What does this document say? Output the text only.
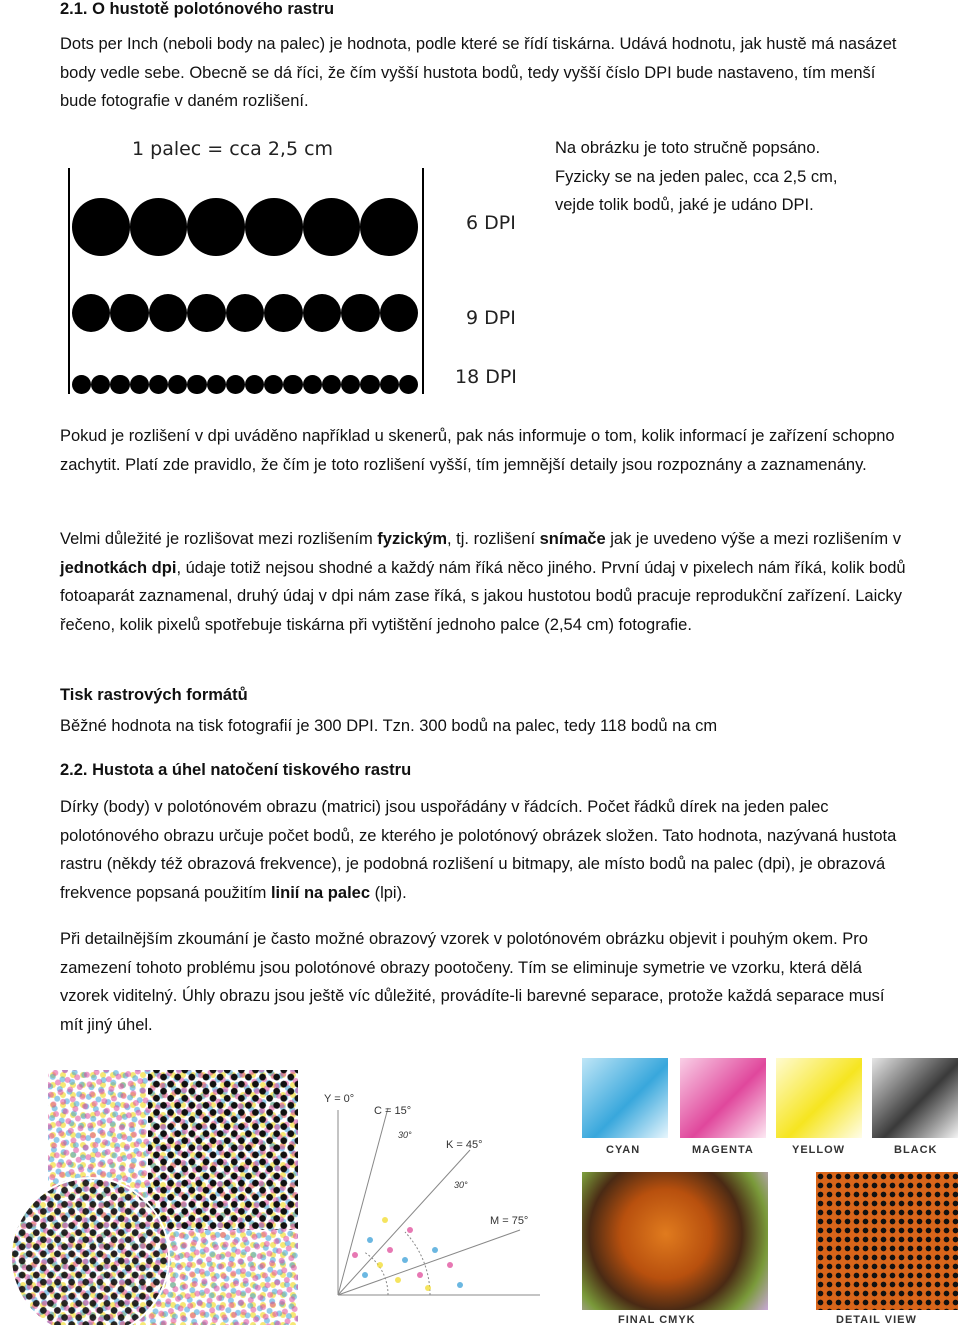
2.1. O hustotě polotónového rastru
Dots per Inch (neboli body na palec) je hodnota, podle které se řídí tiskárna. Udává hodnotu, jak hustě má nasázet body vedle sebe. Obecně se dá říci, že čím vyšší hustota bodů, tedy vyšší číslo DPI bude nastaveno, tím menší bude fotografie v daném rozlišení.
1 palec = cca 2,5 cm
6 DPI
9 DPI
18 DPI
Na obrázku je toto stručně popsáno. Fyzicky se na jeden palec, cca 2,5 cm, vejde tolik bodů, jaké je udáno DPI.
Pokud je rozlišení v dpi uváděno například u skenerů, pak nás informuje o tom, kolik informací je zařízení schopno zachytit. Platí zde pravidlo, že čím je toto rozlišení vyšší, tím jemnější detaily jsou rozpoznány a zaznamenány.
Velmi důležité je rozlišovat mezi rozlišením fyzickým, tj. rozlišení snímače jak je uvedeno výše a mezi rozlišením v jednotkách dpi, údaje totiž nejsou shodné a každý nám říká něco jiného. První údaj v pixelech nám říká, kolik bodů fotoaparát zaznamenal, druhý údaj v dpi nám zase říká, s jakou hustotou bodů pracuje reprodukční zařízení. Laicky řečeno, kolik pixelů spotřebuje tiskárna při vytištění jednoho palce (2,54 cm) fotografie.
Tisk rastrových formátů
Běžné hodnota na tisk fotografií je 300 DPI. Tzn. 300 bodů na palec, tedy 118 bodů na cm
2.2. Hustota a úhel natočení tiskového rastru
Dírky (body) v polotónovém obrazu (matrici) jsou uspořádány v řádcích. Počet řádků dírek na jeden palec polotónového obrazu určuje počet bodů, ze kterého je polotónový obrázek složen. Tato hodnota, nazývaná hustota rastru (někdy též obrazová frekvence), je podobná rozlišení u bitmapy, ale místo bodů na palec (dpi), je obrazová frekvence popsaná použitím linií na palec (lpi).
Při detailnějším zkoumání je často možné obrazový vzorek v polotónovém obrázku objevit i pouhým okem. Pro zamezení tohoto problému jsou polotónové obrazy pootočeny. Tím se eliminuje symetrie ve vzorku, která dělá vzorek viditelný. Úhly obrazu jsou ještě víc důležité, provádíte-li barevné separace, protože každá separace musí mít jiný úhel.
Y = 0°
C = 15°
30°
K = 45°
30°
M = 75°
CYAN	MAGENTA	YELLOW	BLACK
FINAL CMYK	DETAIL VIEW
